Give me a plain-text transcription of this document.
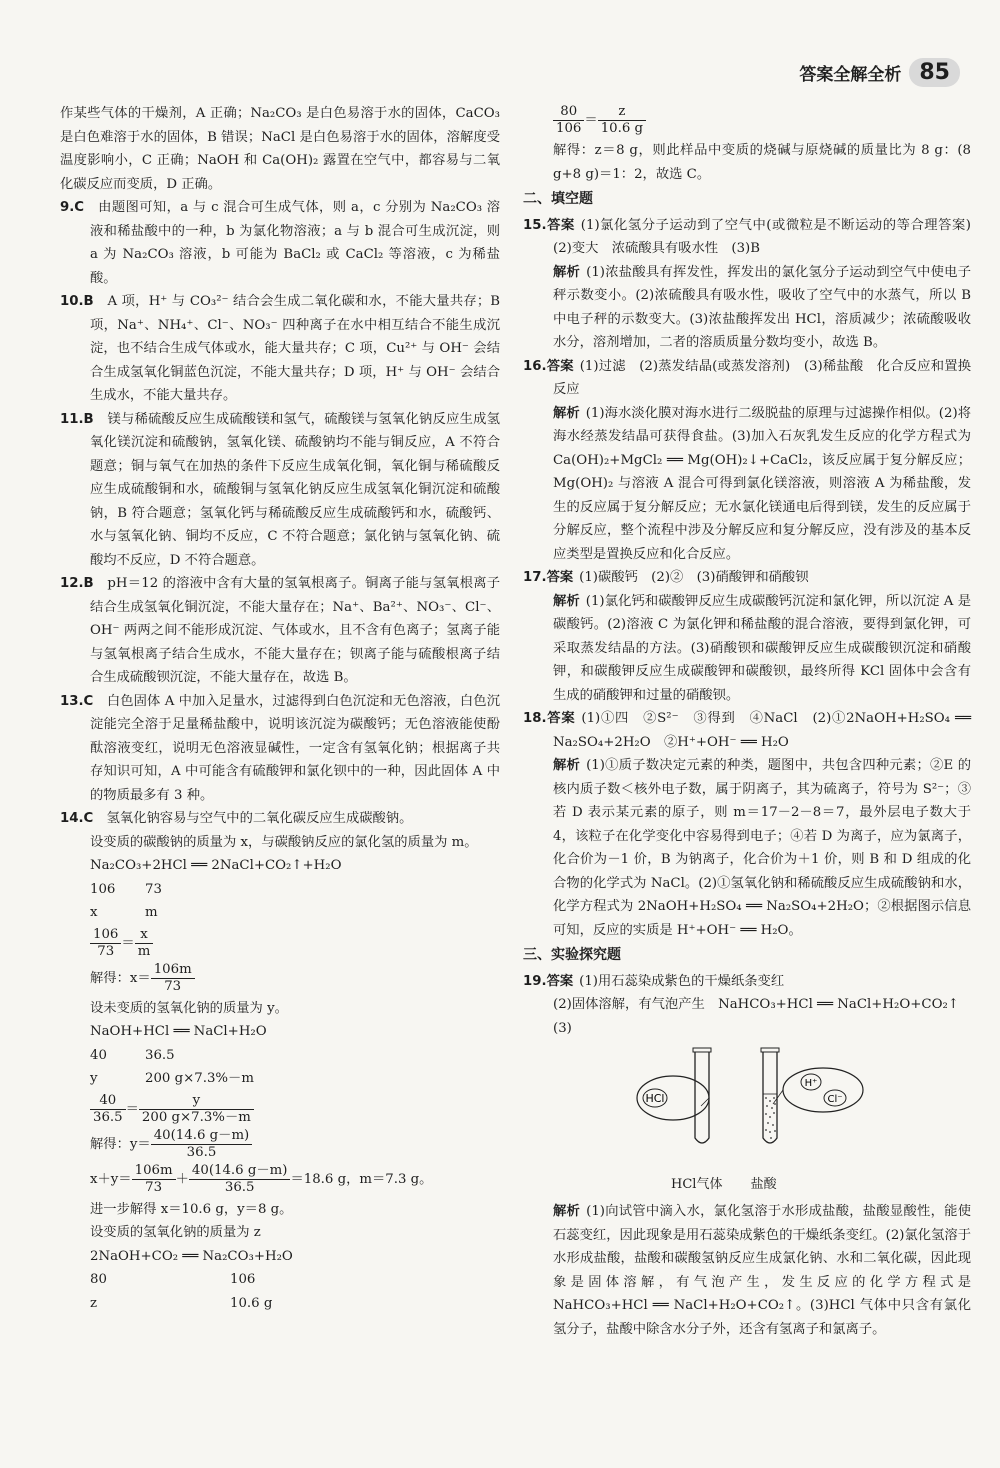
答案全解全析 85

作某些气体的干燥剂，A 正确；Na₂CO₃ 是白色易溶于水的固体，CaCO₃ 是白色难溶于水的固体，B 错误；NaCl 是白色易溶于水的固体，溶解度受温度影响小，C 正确；NaOH 和 Ca(OH)₂ 露置在空气中，都容易与二氧化碳反应而变质，D 正确。

9.C　 由题图可知，a 与 c 混合可生成气体，则 a，c 分别为 Na₂CO₃ 溶液和稀盐酸中的一种，b 为氯化物溶液；a 与 b 混合可生成沉淀，则 a 为 Na₂CO₃ 溶液，b 可能为 BaCl₂ 或 CaCl₂ 等溶液，c 为稀盐酸。

10.B　 A 项，H⁺ 与 CO₃²⁻ 结合会生成二氧化碳和水，不能大量共存；B 项，Na⁺、NH₄⁺、Cl⁻、NO₃⁻ 四种离子在水中相互结合不能生成沉淀，也不结合生成气体或水，能大量共存；C 项，Cu²⁺ 与 OH⁻ 会结合生成氢氧化铜蓝色沉淀，不能大量共存；D 项，H⁺ 与 OH⁻ 会结合生成水，不能大量共存。

11.B　 镁与稀硫酸反应生成硫酸镁和氢气，硫酸镁与氢氧化钠反应生成氢氧化镁沉淀和硫酸钠，氢氧化镁、硫酸钠均不能与铜反应，A 不符合题意；铜与氧气在加热的条件下反应生成氧化铜，氧化铜与稀硫酸反应生成硫酸铜和水，硫酸铜与氢氧化钠反应生成氢氧化铜沉淀和硫酸钠，B 符合题意；氢氧化钙与稀硫酸反应生成硫酸钙和水，硫酸钙、水与氢氧化钠、铜均不反应，C 不符合题意；氯化钠与氢氧化钠、硫酸均不反应，D 不符合题意。

12.B　 pH＝12 的溶液中含有大量的氢氧根离子。铜离子能与氢氧根离子结合生成氢氧化铜沉淀，不能大量存在；Na⁺、Ba²⁺、NO₃⁻、Cl⁻、OH⁻ 两两之间不能形成沉淀、气体或水，且不含有色离子；氢离子能与氢氧根离子结合生成水，不能大量存在；钡离子能与硫酸根离子结合生成硫酸钡沉淀，不能大量存在，故选 B。

13.C　 白色固体 A 中加入足量水，过滤得到白色沉淀和无色溶液，白色沉淀能完全溶于足量稀盐酸中，说明该沉淀为碳酸钙；无色溶液能使酚酞溶液变红，说明无色溶液显碱性，一定含有氢氧化钠；根据离子共存知识可知，A 中可能含有硫酸钾和氯化钡中的一种，因此固体 A 中的物质最多有 3 种。

14.C　 氢氧化钠容易与空气中的二氧化碳反应生成碳酸钠。

设变质的碳酸钠的质量为 x，与碳酸钠反应的氯化氢的质量为 m。
Na₂CO₃+2HCl ══ 2NaCl+CO₂↑+H₂O
106	73
x	m
$\frac{106}{73} = \frac{x}{m}$
解得：$x= \frac{106m}{73}$
设未变质的氢氧化钠的质量为 y。
NaOH+HCl ══ NaCl+H₂O
40	36.5
y	200 g×7.3%－m
$\frac{40}{36.5} = \frac{y}{200 g\times 7.3\%-m}$
解得：$y= \frac{40(14.6 g-m)}{36.5}$
$x+y= \frac{106m}{73} + \frac{40(14.6 g-m)}{36.5} =18.6$ g，m＝7.3 g。
进一步解得 x＝10.6 g，y＝8 g。
设变质的氢氧化钠的质量为 z
2NaOH+CO₂ ══ Na₂CO₃+H₂O
80	106
z	10.6 g
$\frac{80}{106} = \frac{z}{10.6 g}$

解得：z＝8 g，则此样品中变质的烧碱与原烧碱的质量比为 8 g：(8 g+8 g)＝1：2，故选 C。

二、填空题

15.答案 (1)氯化氢分子运动到了空气中(或微粒是不断运动的等合理答案)　(2)变大　浓硫酸具有吸水性　(3)B

解析 (1)浓盐酸具有挥发性，挥发出的氯化氢分子运动到空气中使电子秤示数变小。(2)浓硫酸具有吸水性，吸收了空气中的水蒸气，所以 B 中电子秤的示数变大。(3)浓盐酸挥发出 HCl，溶质减少；浓硫酸吸收水分，溶剂增加，二者的溶质质量分数均变小，故选 B。

16.答案 (1)过滤　(2)蒸发结晶(或蒸发溶剂)　(3)稀盐酸　化合反应和置换反应

解析 (1)海水淡化膜对海水进行二级脱盐的原理与过滤操作相似。(2)将海水经蒸发结晶可获得食盐。(3)加入石灰乳发生反应的化学方程式为 Ca(OH)₂+MgCl₂ ══ Mg(OH)₂↓+CaCl₂，该反应属于复分解反应；Mg(OH)₂ 与溶液 A 混合可得到氯化镁溶液，则溶液 A 为稀盐酸，发生的反应属于复分解反应；无水氯化镁通电后得到镁，发生的反应属于分解反应，整个流程中涉及分解反应和复分解反应，没有涉及的基本反应类型是置换反应和化合反应。

17.答案 (1)碳酸钙　(2)②　(3)硝酸钾和硝酸钡

解析 (1)氯化钙和碳酸钾反应生成碳酸钙沉淀和氯化钾，所以沉淀 A 是碳酸钙。(2)溶液 C 为氯化钾和稀盐酸的混合溶液，要得到氯化钾，可采取蒸发结晶的方法。(3)硝酸钡和碳酸钾反应生成碳酸钡沉淀和硝酸钾，和碳酸钾反应生成碳酸钾和碳酸钡，最终所得 KCl 固体中会含有生成的硝酸钾和过量的硝酸钡。

18.答案 (1)①四　②S²⁻　③得到　④NaCl　(2)①2NaOH+H₂SO₄ ══ Na₂SO₄+2H₂O　②H⁺+OH⁻ ══ H₂O

解析 (1)①质子数决定元素的种类，题图中，共包含四种元素；②E 的核内质子数＜核外电子数，属于阴离子，其为硫离子，符号为 S²⁻；③若 D 表示某元素的原子，则 m＝17－2－8＝7，最外层电子数大于 4，该粒子在化学变化中容易得到电子；④若 D 为离子，应为氯离子，化合价为－1 价，B 为钠离子，化合价为＋1 价，则 B 和 D 组成的化合物的化学式为 NaCl。(2)①氢氧化钠和稀硫酸反应生成硫酸钠和水，化学方程式为 2NaOH+H₂SO₄ ══ Na₂SO₄+2H₂O；②根据图示信息可知，反应的实质是 H⁺+OH⁻ ══ H₂O。

三、实验探究题

19.答案 (1)用石蕊染成紫色的干燥纸条变红

(2)固体溶解，有气泡产生　NaHCO₃+HCl ══ NaCl+H₂O+CO₂↑

(3)

HCl
H⁺
Cl⁻
HCl气体 盐酸

解析 (1)向试管中滴入水，氯化氢溶于水形成盐酸，盐酸显酸性，能使石蕊变红，因此现象是用石蕊染成紫色的干燥纸条变红。(2)氯化氢溶于水形成盐酸，盐酸和碳酸氢钠反应生成氯化钠、水和二氧化碳，因此现象是固体溶解，有气泡产生，发生反应的化学方程式是 NaHCO₃+HCl ══ NaCl+H₂O+CO₂↑。(3)HCl 气体中只含有氯化氢分子，盐酸中除含水分子外，还含有氢离子和氯离子。
